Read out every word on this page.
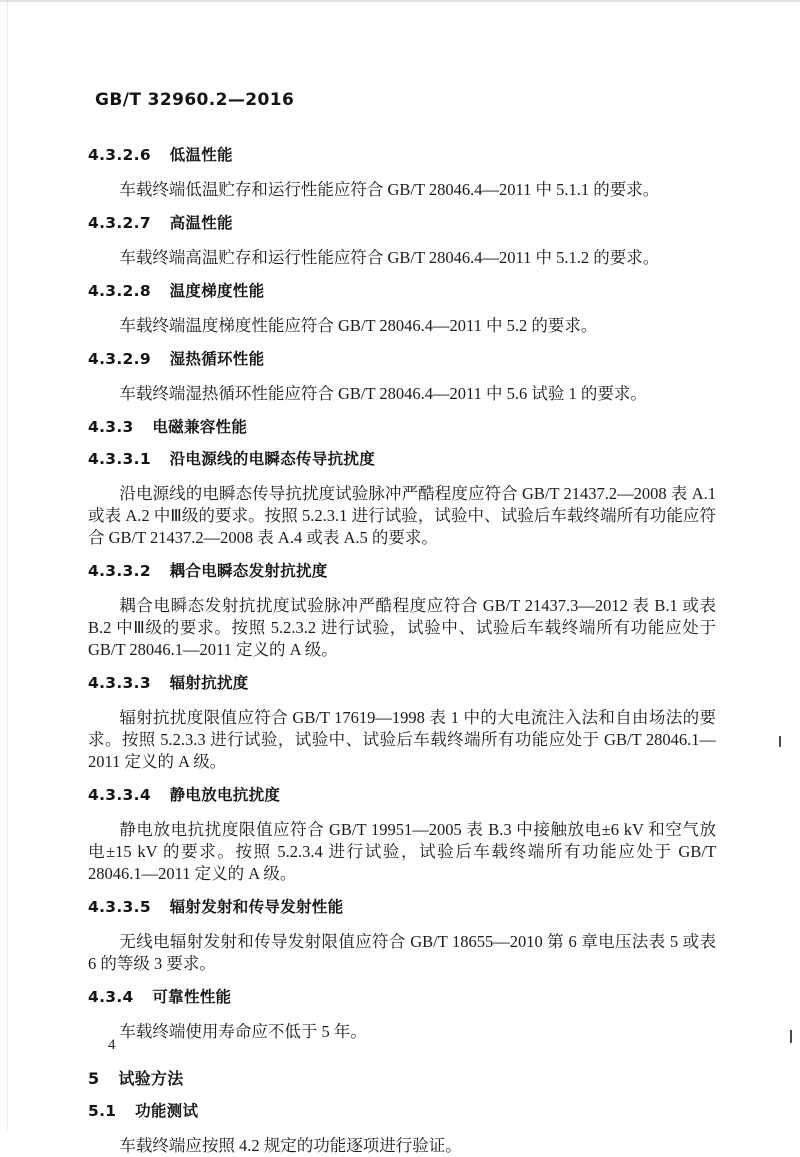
GB/T 32960.2—2016
4.3.2.6 低温性能

车载终端低温贮存和运行性能应符合 GB/T 28046.4—2011 中 5.1.1 的要求。

4.3.2.7 高温性能

车载终端高温贮存和运行性能应符合 GB/T 28046.4—2011 中 5.1.2 的要求。

4.3.2.8 温度梯度性能

车载终端温度梯度性能应符合 GB/T 28046.4—2011 中 5.2 的要求。

4.3.2.9 湿热循环性能

车载终端湿热循环性能应符合 GB/T 28046.4—2011 中 5.6 试验 1 的要求。

4.3.3 电磁兼容性能
4.3.3.1 沿电源线的电瞬态传导抗扰度

沿电源线的电瞬态传导抗扰度试验脉冲严酷程度应符合 GB/T 21437.2—2008 表 A.1 或表 A.2 中Ⅲ级的要求。按照 5.2.3.1 进行试验，试验中、试验后车载终端所有功能应符合 GB/T 21437.2—2008 表 A.4 或表 A.5 的要求。

4.3.3.2 耦合电瞬态发射抗扰度

耦合电瞬态发射抗扰度试验脉冲严酷程度应符合 GB/T 21437.3—2012 表 B.1 或表 B.2 中Ⅲ级的要求。按照 5.2.3.2 进行试验，试验中、试验后车载终端所有功能应处于 GB/T 28046.1—2011 定义的 A 级。

4.3.3.3 辐射抗扰度

辐射抗扰度限值应符合 GB/T 17619—1998 表 1 中的大电流注入法和自由场法的要求。按照 5.2.3.3 进行试验，试验中、试验后车载终端所有功能应处于 GB/T 28046.1—2011 定义的 A 级。

4.3.3.4 静电放电抗扰度

静电放电抗扰度限值应符合 GB/T 19951—2005 表 B.3 中接触放电±6 kV 和空气放电±15 kV 的要求。按照 5.2.3.4 进行试验，试验后车载终端所有功能应处于 GB/T 28046.1—2011 定义的 A 级。

4.3.3.5 辐射发射和传导发射性能

无线电辐射发射和传导发射限值应符合 GB/T 18655—2010 第 6 章电压法表 5 或表 6 的等级 3 要求。

4.3.4 可靠性性能

车载终端使用寿命应不低于 5 年。

5 试验方法
5.1 功能测试

车载终端应按照 4.2 规定的功能逐项进行验证。

4
